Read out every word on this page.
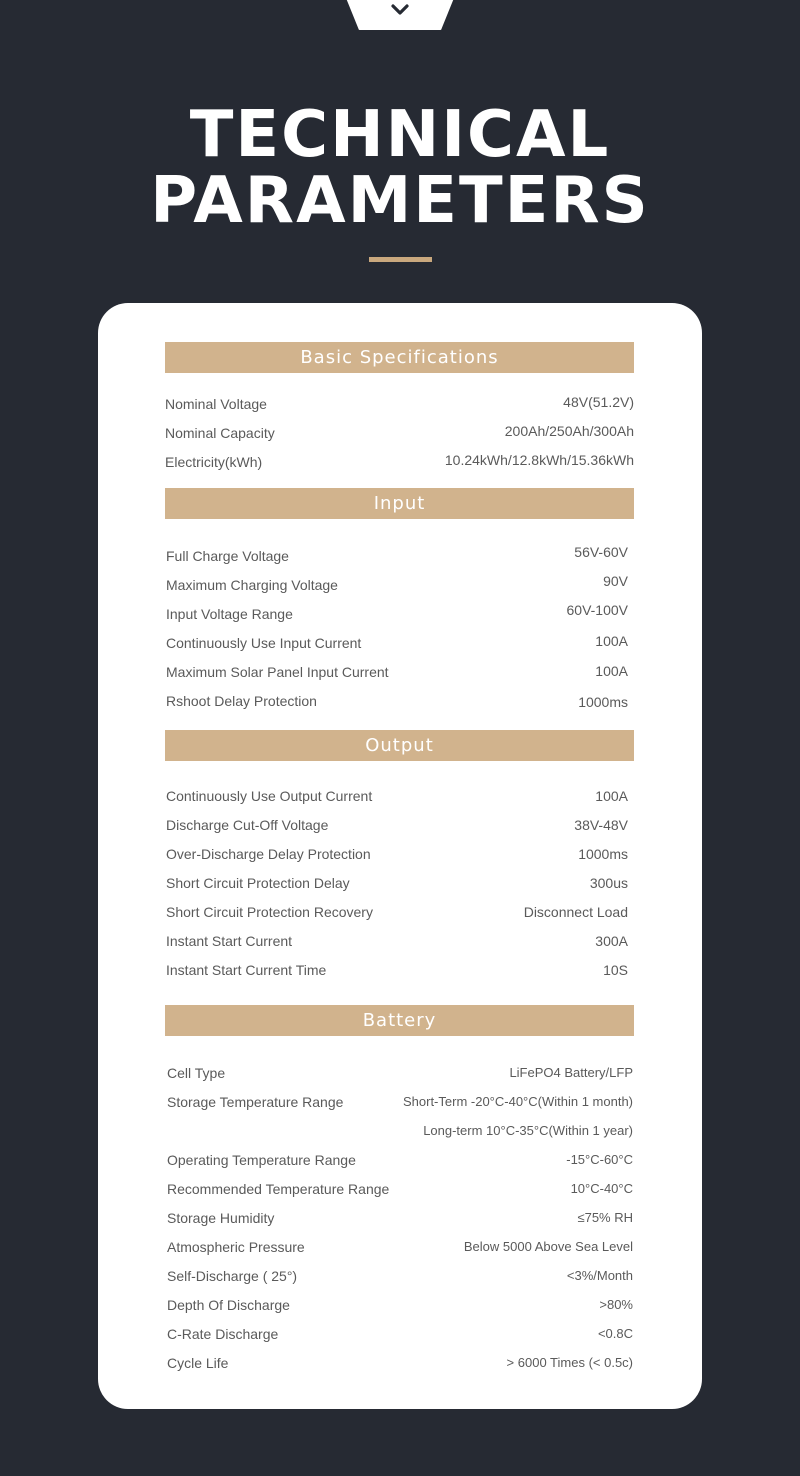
TECHNICAL
PARAMETERS
Basic Specifications
Nominal Voltage	48V(51.2V)
Nominal Capacity	200Ah/250Ah/300Ah
Electricity(kWh)	10.24kWh/12.8kWh/15.36kWh
Input
Full Charge Voltage	56V-60V
Maximum Charging Voltage	90V
Input Voltage Range	60V-100V
Continuously Use Input Current	100A
Maximum Solar Panel Input Current	100A
Rshoot Delay Protection	1000ms
Output
Continuously Use Output Current	100A
Discharge Cut-Off Voltage	38V-48V
Over-Discharge Delay Protection	1000ms
Short Circuit Protection Delay	300us
Short Circuit Protection Recovery	Disconnect Load
Instant Start Current	300A
Instant Start Current Time	10S
Battery
Cell Type	LiFePO4 Battery/LFP
Storage Temperature Range	Short-Term -20°C-40°C(Within 1 month)
Long-term 10°C-35°C(Within 1 year)
Operating Temperature Range	-15°C-60°C
Recommended Temperature Range	10°C-40°C
Storage Humidity	≤75% RH
Atmospheric Pressure	Below 5000 Above Sea Level
Self-Discharge ( 25°)	<3%/Month
Depth Of Discharge	>80%
C-Rate Discharge	<0.8C
Cycle Life	> 6000 Times (< 0.5c)
